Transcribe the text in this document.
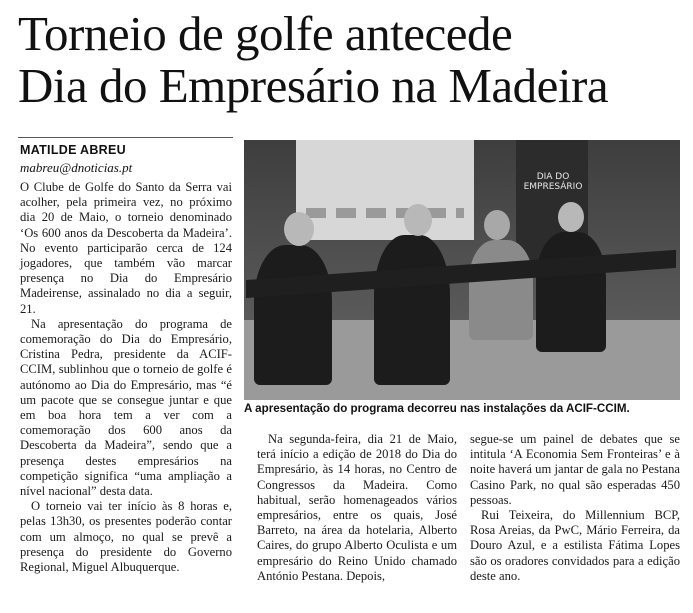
Torneio de golfe antecede
Dia do Empresário na Madeira
MATILDE ABREU
mabreu@dnoticias.pt

O Clube de Golfe do Santo da Serra vai acolher, pela primeira vez, no próximo dia 20 de Maio, o torneio denominado ‘Os 600 anos da Descoberta da Madeira’. No evento participarão cerca de 124 jogadores, que também vão marcar presença no Dia do Empresário Madeirense, assinalado no dia a seguir, 21.

Na apresentação do programa de comemoração do Dia do Empresário, Cristina Pedra, presidente da ACIF-CCIM, sublinhou que o torneio de golfe é autónomo ao Dia do Empresário, mas “é um pacote que se consegue juntar e que em boa hora tem a ver com a comemoração dos 600 anos da Descoberta da Madeira”, sendo que a presença destes empresários na competição significa “uma ampliação a nível nacional” desta data.

O torneio vai ter início às 8 horas e, pelas 13h30, os presentes poderão contar com um almoço, no qual se prevê a presença do presidente do Governo Regional, Miguel Albuquerque.

DIA DO EMPRESÁRIO
A apresentação do programa decorreu nas instalações da ACIF-CCIM.

Na segunda-feira, dia 21 de Maio, terá início a edição de 2018 do Dia do Empresário, às 14 horas, no Centro de Congressos da Madeira. Como habitual, serão homenageados vários empresários, entre os quais, José Barreto, na área da hotelaria, Alberto Caires, do grupo Alberto Oculista e um empresário do Reino Unido chamado António Pestana. Depois,

segue-se um painel de debates que se intitula ‘A Economia Sem Fronteiras’ e à noite haverá um jantar de gala no Pestana Casino Park, no qual são esperadas 450 pessoas.

Rui Teixeira, do Millennium BCP, Rosa Areias, da PwC, Mário Ferreira, da Douro Azul, e a estilista Fátima Lopes são os oradores convidados para a edição deste ano.
